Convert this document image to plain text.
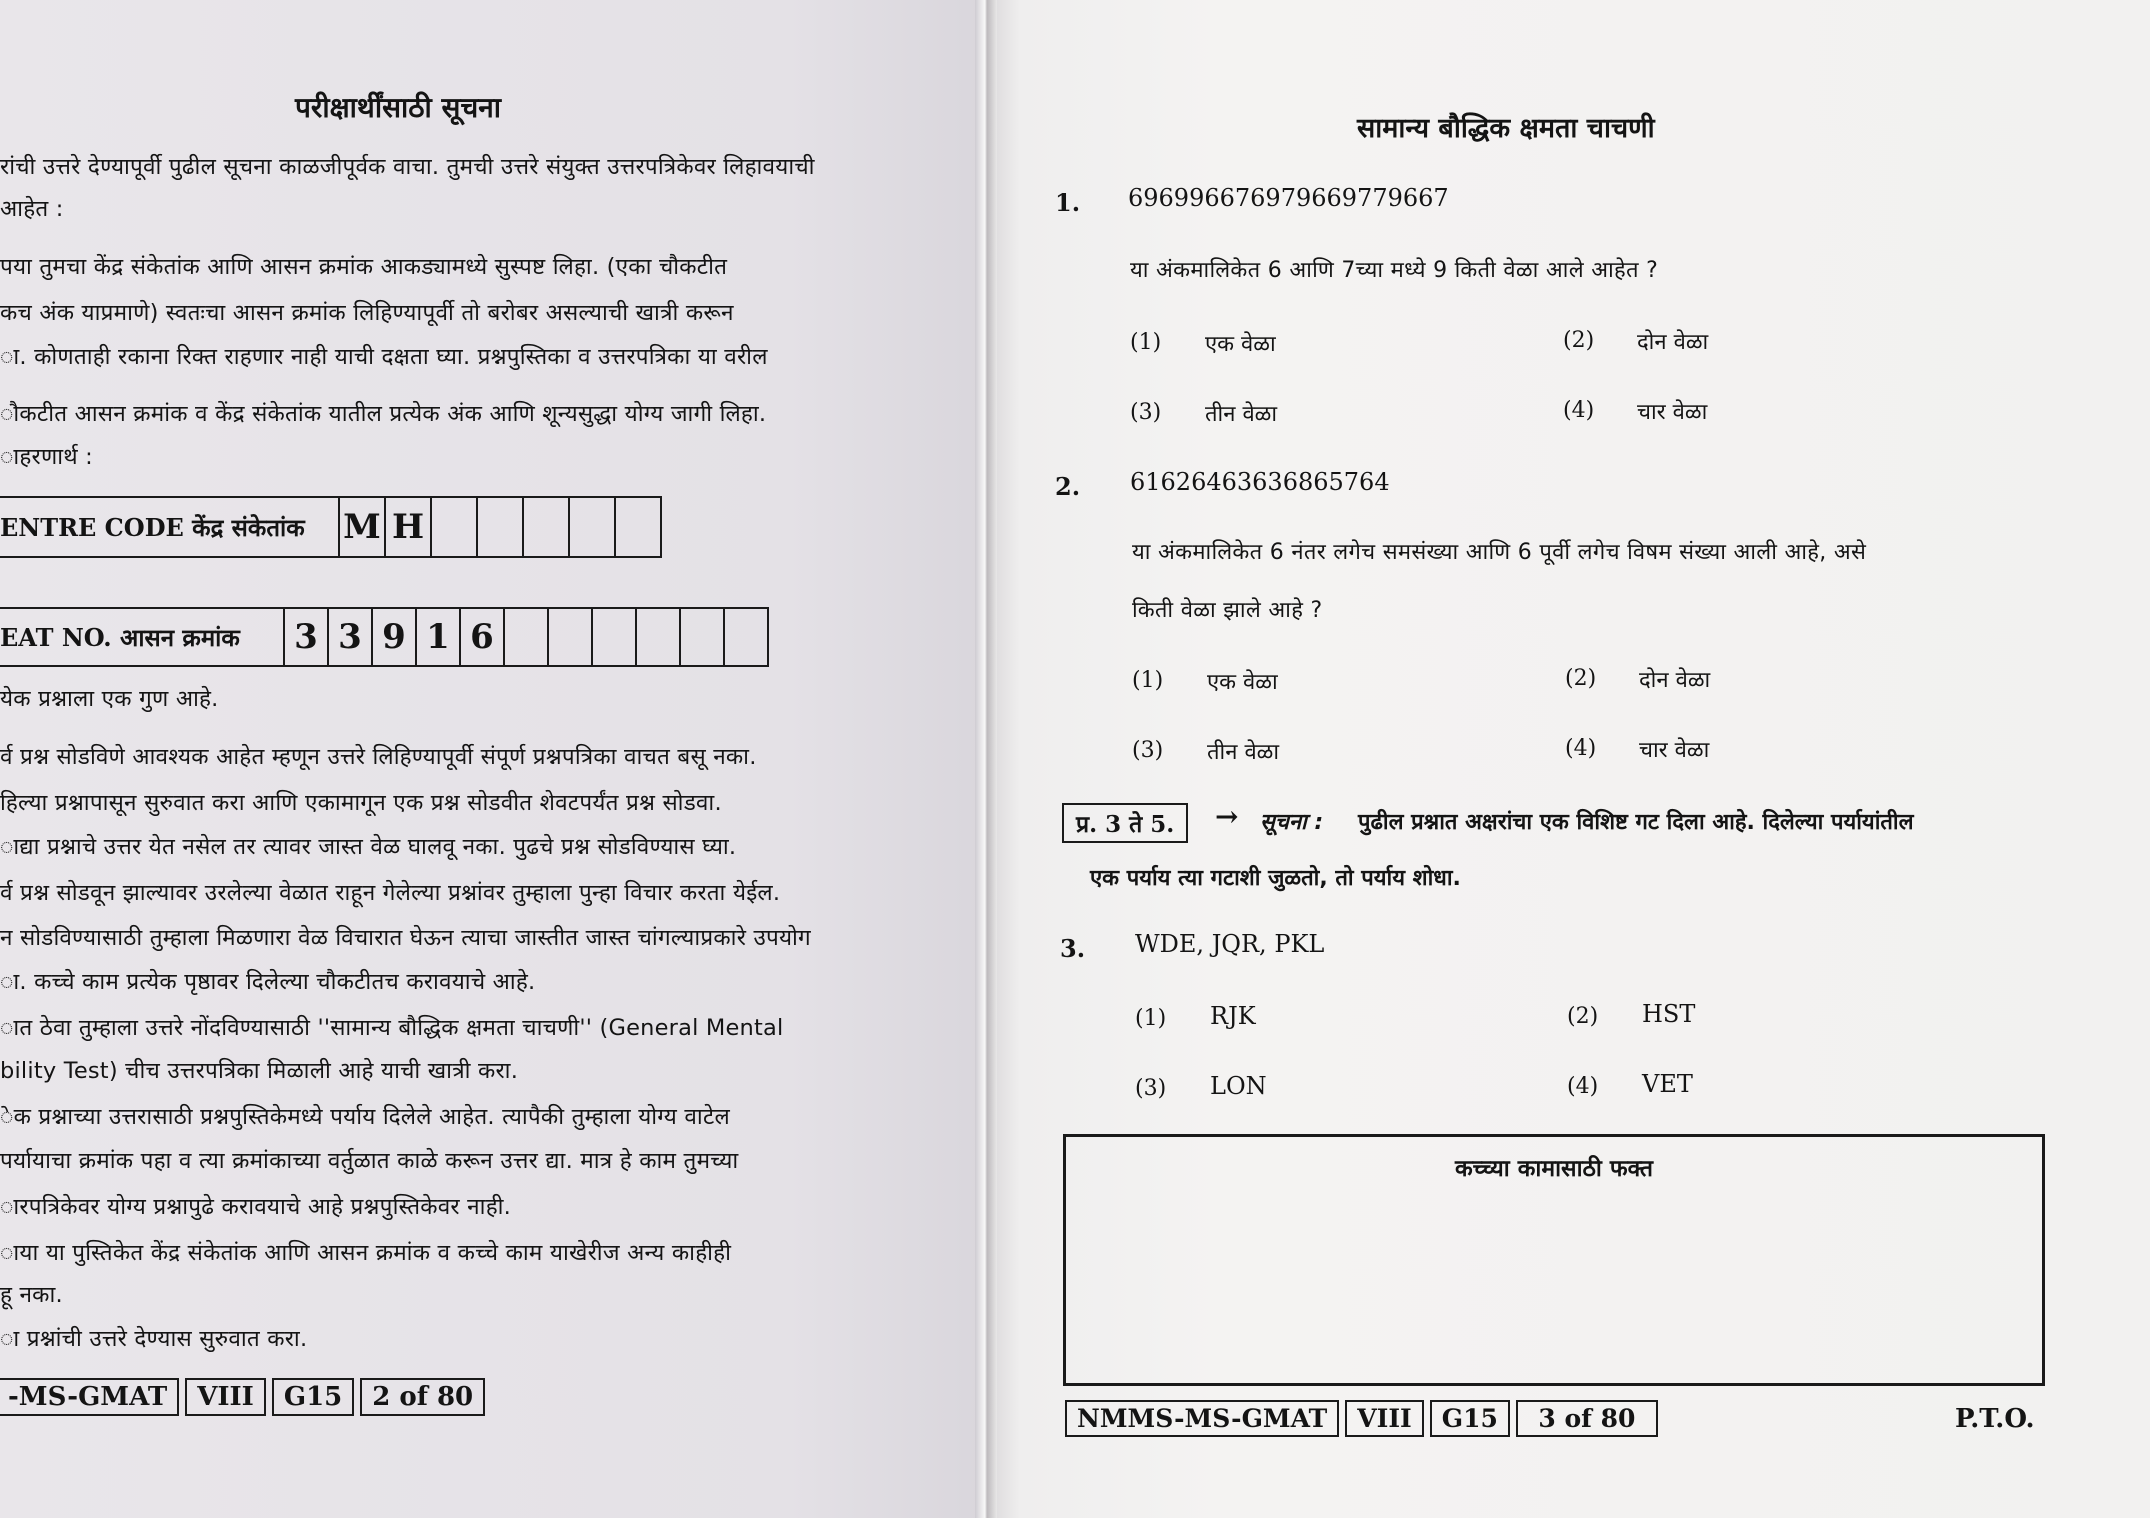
परीक्षार्थींसाठी सूचना
रांची उत्तरे देण्यापूर्वी पुढील सूचना काळजीपूर्वक वाचा. तुमची उत्तरे संयुक्त उत्तरपत्रिकेवर लिहावयाची
आहेत :
पया तुमचा केंद्र संकेतांक आणि आसन क्रमांक आकड्यामध्ये सुस्पष्ट लिहा. (एका चौकटीत
कच अंक याप्रमाणे) स्वतःचा आसन क्रमांक लिहिण्यापूर्वी तो बरोबर असल्याची खात्री करून
ा. कोणताही रकाना रिक्त राहणार नाही याची दक्षता घ्या. प्रश्नपुस्तिका व उत्तरपत्रिका या वरील
ौकटीत आसन क्रमांक व केंद्र संकेतांक यातील प्रत्येक अंक आणि शून्यसुद्धा योग्य जागी लिहा.
ाहरणार्थ :
ENTRE CODE केंद्र संकेतांक	M H
EAT NO. आसन क्रमांक	3 3 9 1 6
येक प्रश्नाला एक गुण आहे.
र्व प्रश्न सोडविणे आवश्यक आहेत म्हणून उत्तरे लिहिण्यापूर्वी संपूर्ण प्रश्नपत्रिका वाचत बसू नका.
हिल्या प्रश्नापासून सुरुवात करा आणि एकामागून एक प्रश्न सोडवीत शेवटपर्यंत प्रश्न सोडवा.
ाद्या प्रश्नाचे उत्तर येत नसेल तर त्यावर जास्त वेळ घालवू नका. पुढचे प्रश्न सोडविण्यास घ्या.
र्व प्रश्न सोडवून झाल्यावर उरलेल्या वेळात राहून गेलेल्या प्रश्नांवर तुम्हाला पुन्हा विचार करता येईल.
न सोडविण्यासाठी तुम्हाला मिळणारा वेळ विचारात घेऊन त्याचा जास्तीत जास्त चांगल्याप्रकारे उपयोग
ा. कच्चे काम प्रत्येक पृष्ठावर दिलेल्या चौकटीतच करावयाचे आहे.
ात ठेवा तुम्हाला उत्तरे नोंदविण्यासाठी ''सामान्य बौद्धिक क्षमता चाचणी'' (General Mental
bility Test) चीच उत्तरपत्रिका मिळाली आहे याची खात्री करा.
ेक प्रश्नाच्या उत्तरासाठी प्रश्नपुस्तिकेमध्ये पर्याय दिलेले आहेत. त्यापैकी तुम्हाला योग्य वाटेल
पर्यायाचा क्रमांक पहा व त्या क्रमांकाच्या वर्तुळात काळे करून उत्तर द्या. मात्र हे काम तुमच्या
ारपत्रिकेवर योग्य प्रश्नापुढे करावयाचे आहे प्रश्नपुस्तिकेवर नाही.
ाया या पुस्तिकेत केंद्र संकेतांक आणि आसन क्रमांक व कच्चे काम याखेरीज अन्य काहीही
हू नका.
ा प्रश्नांची उत्तरे देण्यास सुरुवात करा.
-MS-GMAT	VIII	G15	2 of 80
सामान्य बौद्धिक क्षमता चाचणी
1. 69699667697966977966​7
या अंकमालिकेत 6 आणि 7च्या मध्ये 9 किती वेळा आले आहेत ?
(1) एक वेळा	(2) दोन वेळा
(3) तीन वेळा	(4) चार वेळा
2. 61626463636865764
या अंकमालिकेत 6 नंतर लगेच समसंख्या आणि 6 पूर्वी लगेच विषम संख्या आली आहे, असे
किती वेळा झाले आहे ?
(1) एक वेळा	(2) दोन वेळा
(3) तीन वेळा	(4) चार वेळा
प्र. 3 ते 5.	→ सूचना : पुढील प्रश्नात अक्षरांचा एक विशिष्ट गट दिला आहे. दिलेल्या पर्यायांतील
एक पर्याय त्या गटाशी जुळतो, तो पर्याय शोधा.
3. WDE, JQR, PKL
(1) RJK	(2) HST
(3) LON	(4) VET
कच्च्या कामासाठी फक्त
NMMS-MS-GMAT	VIII	G15	3 of 80	P.T.O.
